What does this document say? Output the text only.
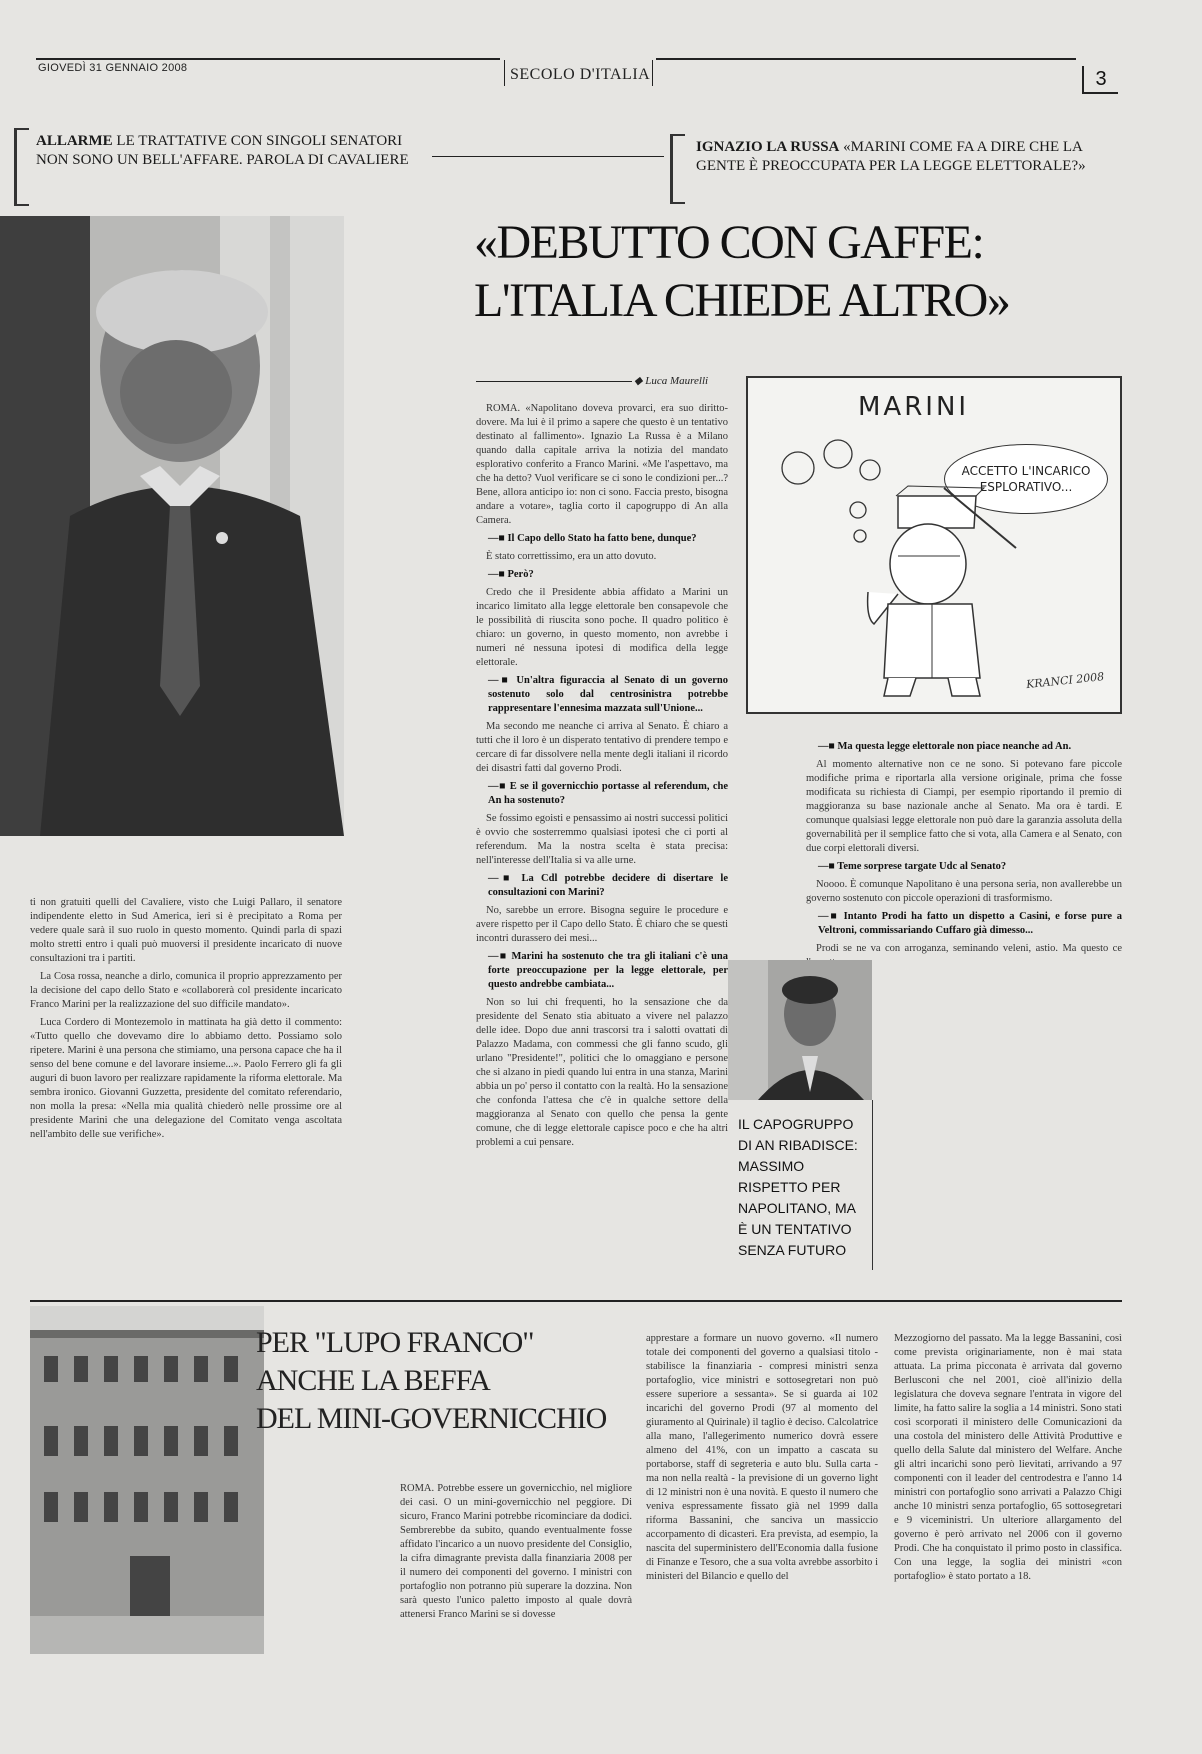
GIOVEDÌ 31 GENNAIO 2008	SECOLO D'ITALIA	3
ALLARME LE TRATTATIVE CON SINGOLI SENATORI NON SONO UN BELL'AFFARE. PAROLA DI CAVALIERE
IGNAZIO LA RUSSA «MARINI COME FA A DIRE CHE LA GENTE È PREOCCUPATA PER LA LEGGE ELETTORALE?»
«DEBUTTO CON GAFFE:
L'ITALIA CHIEDE ALTRO»
◆ Luca Maurelli

ROMA. «Napolitano doveva provarci, era suo diritto-dovere. Ma lui è il primo a sapere che questo è un tentativo destinato al fallimento». Ignazio La Russa è a Milano quando dalla capitale arriva la notizia del mandato esplorativo conferito a Franco Marini. «Me l'aspettavo, ma che ha detto? Vuol verificare se ci sono le condizioni per...? Bene, allora anticipo io: non ci sono. Faccia presto, bisogna andare a votare», taglia corto il capogruppo di An alla Camera.

—■ Il Capo dello Stato ha fatto bene, dunque?

È stato correttissimo, era un atto dovuto.

—■ Però?

Credo che il Presidente abbia affidato a Marini un incarico limitato alla legge elettorale ben consapevole che le possibilità di riuscita sono poche. Il quadro politico è chiaro: un governo, in questo momento, non avrebbe i numeri né nessuna ipotesi di modifica della legge elettorale.

—■ Un'altra figuraccia al Senato di un governo sostenuto solo dal centrosinistra potrebbe rappresentare l'ennesima mazzata sull'Unione...

Ma secondo me neanche ci arriva al Senato. È chiaro a tutti che il loro è un disperato tentativo di prendere tempo e cercare di far dissolvere nella mente degli italiani il ricordo dei disastri fatti dal governo Prodi.

—■ E se il governicchio portasse al referendum, che An ha sostenuto?

Se fossimo egoisti e pensassimo ai nostri successi politici è ovvio che sosterremmo qualsiasi ipotesi che ci porti al referendum. Ma la nostra scelta è stata precisa: nell'interesse dell'Italia si va alle urne.

—■ La Cdl potrebbe decidere di disertare le consultazioni con Marini?

No, sarebbe un errore. Bisogna seguire le procedure e avere rispetto per il Capo dello Stato. È chiaro che se questi incontri durassero dei mesi...

—■ Marini ha sostenuto che tra gli italiani c'è una forte preoccupazione per la legge elettorale, per questo andrebbe cambiata...

Non so lui chi frequenti, ho la sensazione che da presidente del Senato stia abituato a vivere nel palazzo delle idee. Dopo due anni trascorsi tra i salotti ovattati di Palazzo Madama, con commessi che gli fanno scudo, gli urlano "Presidente!", politici che lo omaggiano e persone che si alzano in piedi quando lui entra in una stanza, Marini abbia un po' perso il contatto con la realtà. Ho la sensazione che confonda l'attesa che c'è in qualche settore della maggioranza al Senato con quello che pensa la gente comune, che di legge elettorale capisce poco e che ha altri problemi a cui pensare.

MARINI
ACCETTO L'INCARICO ESPLORATIVO...
KRANCI 2008

—■ Ma questa legge elettorale non piace neanche ad An.

Al momento alternative non ce ne sono. Si potevano fare piccole modifiche prima e riportarla alla versione originale, prima che fosse modificata su richiesta di Ciampi, per esempio riportando il premio di maggioranza su base nazionale anche al Senato. Ma ora è tardi. E comunque qualsiasi legge elettorale non può dare la garanzia assoluta della governabilità per il semplice fatto che si vota, alla Camera e al Senato, con due corpi elettorali diversi.

—■ Teme sorprese targate Udc al Senato?

Noooo. È comunque Napolitano è una persona seria, non avallerebbe un governo sostenuto con piccole operazioni di trasformismo.

—■ Intanto Prodi ha fatto un dispetto a Casini, e forse pure a Veltroni, commissariando Cuffaro già dimesso...

Prodi se ne va con arroganza, seminando veleni, astio. Ma questo ce

IL CAPOGRUPPO DI AN RIBADISCE: MASSIMO RISPETTO PER NAPOLITANO, MA È UN TENTATIVO SENZA FUTURO

ti non gratuiti quelli del Cavaliere, visto che Luigi Pallaro, il senatore indipendente eletto in Sud America, ieri si è precipitato a Roma per vedere quale sarà il suo ruolo in questo momento. Quindi parla di spazi molto stretti entro i quali può muoversi il presidente incaricato di nuove consultazioni tra i partiti.

La Cosa rossa, neanche a dirlo, comunica il proprio apprezzamento per la decisione del capo dello Stato e «collaborerà col presidente incaricato Franco Marini per la realizzazione del suo difficile mandato».

Luca Cordero di Montezemolo in mattinata ha già detto il commento: «Tutto quello che dovevamo dire lo abbiamo detto. Possiamo solo ripetere. Marini è una persona che stimiamo, una persona capace che ha il senso del bene comune e del lavorare insieme...». Paolo Ferrero gli fa gli auguri di buon lavoro per realizzare rapidamente la riforma elettorale. Ma sembra ironico. Giovanni Guzzetta, presidente del comitato referendario, non molla la presa: «Nella mia qualità chiederò nelle prossime ore al presidente Marini che una delegazione del Comitato venga ascoltata nell'ambito delle sue verifiche».

PER "LUPO FRANCO"
ANCHE LA BEFFA
DEL MINI-GOVERNICCHIO

ROMA. Potrebbe essere un governicchio, nel migliore dei casi. O un mini-governicchio nel peggiore. Di sicuro, Franco Marini potrebbe ricominciare da dodici. Sembrerebbe da subito, quando eventualmente fosse affidato l'incarico a un nuovo presidente del Consiglio, la cifra dimagrante prevista dalla finanziaria 2008 per il numero dei componenti del governo. I ministri con portafoglio non potranno più superare la dozzina. Non sarà questo l'unico paletto imposto al quale dovrà attenersi Franco Marini se si dovesse

apprestare a formare un nuovo governo. «Il numero totale dei componenti del governo a qualsiasi titolo - stabilisce la finanziaria - compresi ministri senza portafoglio, vice ministri e sottosegretari non può essere superiore a sessanta». Se si guarda ai 102 incarichi del governo Prodi (97 al momento del giuramento al Quirinale) il taglio è deciso. Calcolatrice alla mano, l'allegerimento numerico dovrà essere almeno del 41%, con un impatto a cascata su portaborse, staff di segreteria e auto blu. Sulla carta - ma non nella realtà - la previsione di un governo light di 12 ministri non è una novità. E questo il numero che veniva espressamente fissato già nel 1999 dalla riforma Bassanini, che sanciva un massiccio accorpamento di dicasteri. Era prevista, ad esempio, la nascita del superministero dell'Economia dalla fusione di Finanze e Tesoro, che a sua volta avrebbe assorbito i ministeri del Bilancio e quello del

Mezzogiorno del passato. Ma la legge Bassanini, così come prevista originariamente, non è mai stata attuata. La prima picconata è arrivata dal governo Berlusconi che nel 2001, cioè all'inizio della legislatura che doveva segnare l'entrata in vigore del limite, ha fatto salire la soglia a 14 ministri. Sono stati così scorporati il ministero delle Comunicazioni da una costola del ministero delle Attività Produttive e quello della Salute dal ministero del Welfare. Anche gli altri incarichi sono però lievitati, arrivando a 97 componenti con il leader del centrodestra e l'anno 14 ministri con portafoglio sono arrivati a Palazzo Chigi anche 10 ministri senza portafoglio, 65 sottosegretari e 9 viceministri. Un ulteriore allargamento del governo è però arrivato nel 2006 con il governo Prodi. Che ha conquistato il primo posto in classifica. Con una legge, la soglia dei ministri «con portafoglio» è stato portato a 18.
